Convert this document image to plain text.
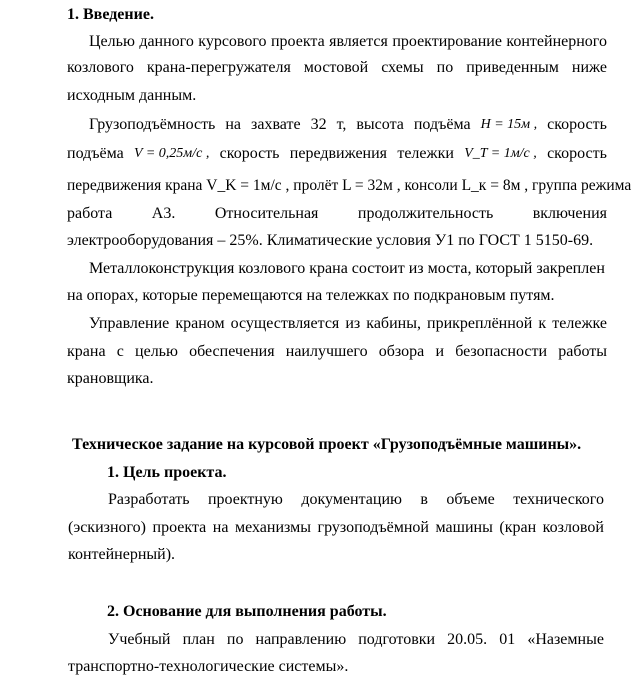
1. Введение.
Целью данного курсового проекта является проектирование контейнерного
козлового крана-перегружателя мостовой схемы по приведенным ниже
исходным данным.
Грузоподъёмность на захвате 32 т, высота подъёма H = 15м , скорость
подъёма V = 0,25м/с , скорость передвижения тележки V_T = 1м/с , скорость
передвижения крана V_K = 1м/с , пролёт L = 32м , консоли L_к = 8м , группа режима
работа А3. Относительная продолжительность включения
электрооборудования – 25%. Климатические условия У1 по ГОСТ 1 5150-69.
Металлоконструкция козлового крана состоит из моста, который закреплен
на опорах, которые перемещаются на тележках по подкрановым путям.
Управление краном осуществляется из кабины, прикреплённой к тележке
крана с целью обеспечения наилучшего обзора и безопасности работы
крановщика.
Техническое задание на курсовой проект «Грузоподъёмные машины».
1. Цель проекта.
Разработать проектную документацию в объеме технического
(эскизного) проекта на механизмы грузоподъёмной машины (кран козловой
контейнерный).
2. Основание для выполнения работы.
Учебный план по направлению подготовки 20.05. 01 «Наземные
транспортно-технологические системы».
